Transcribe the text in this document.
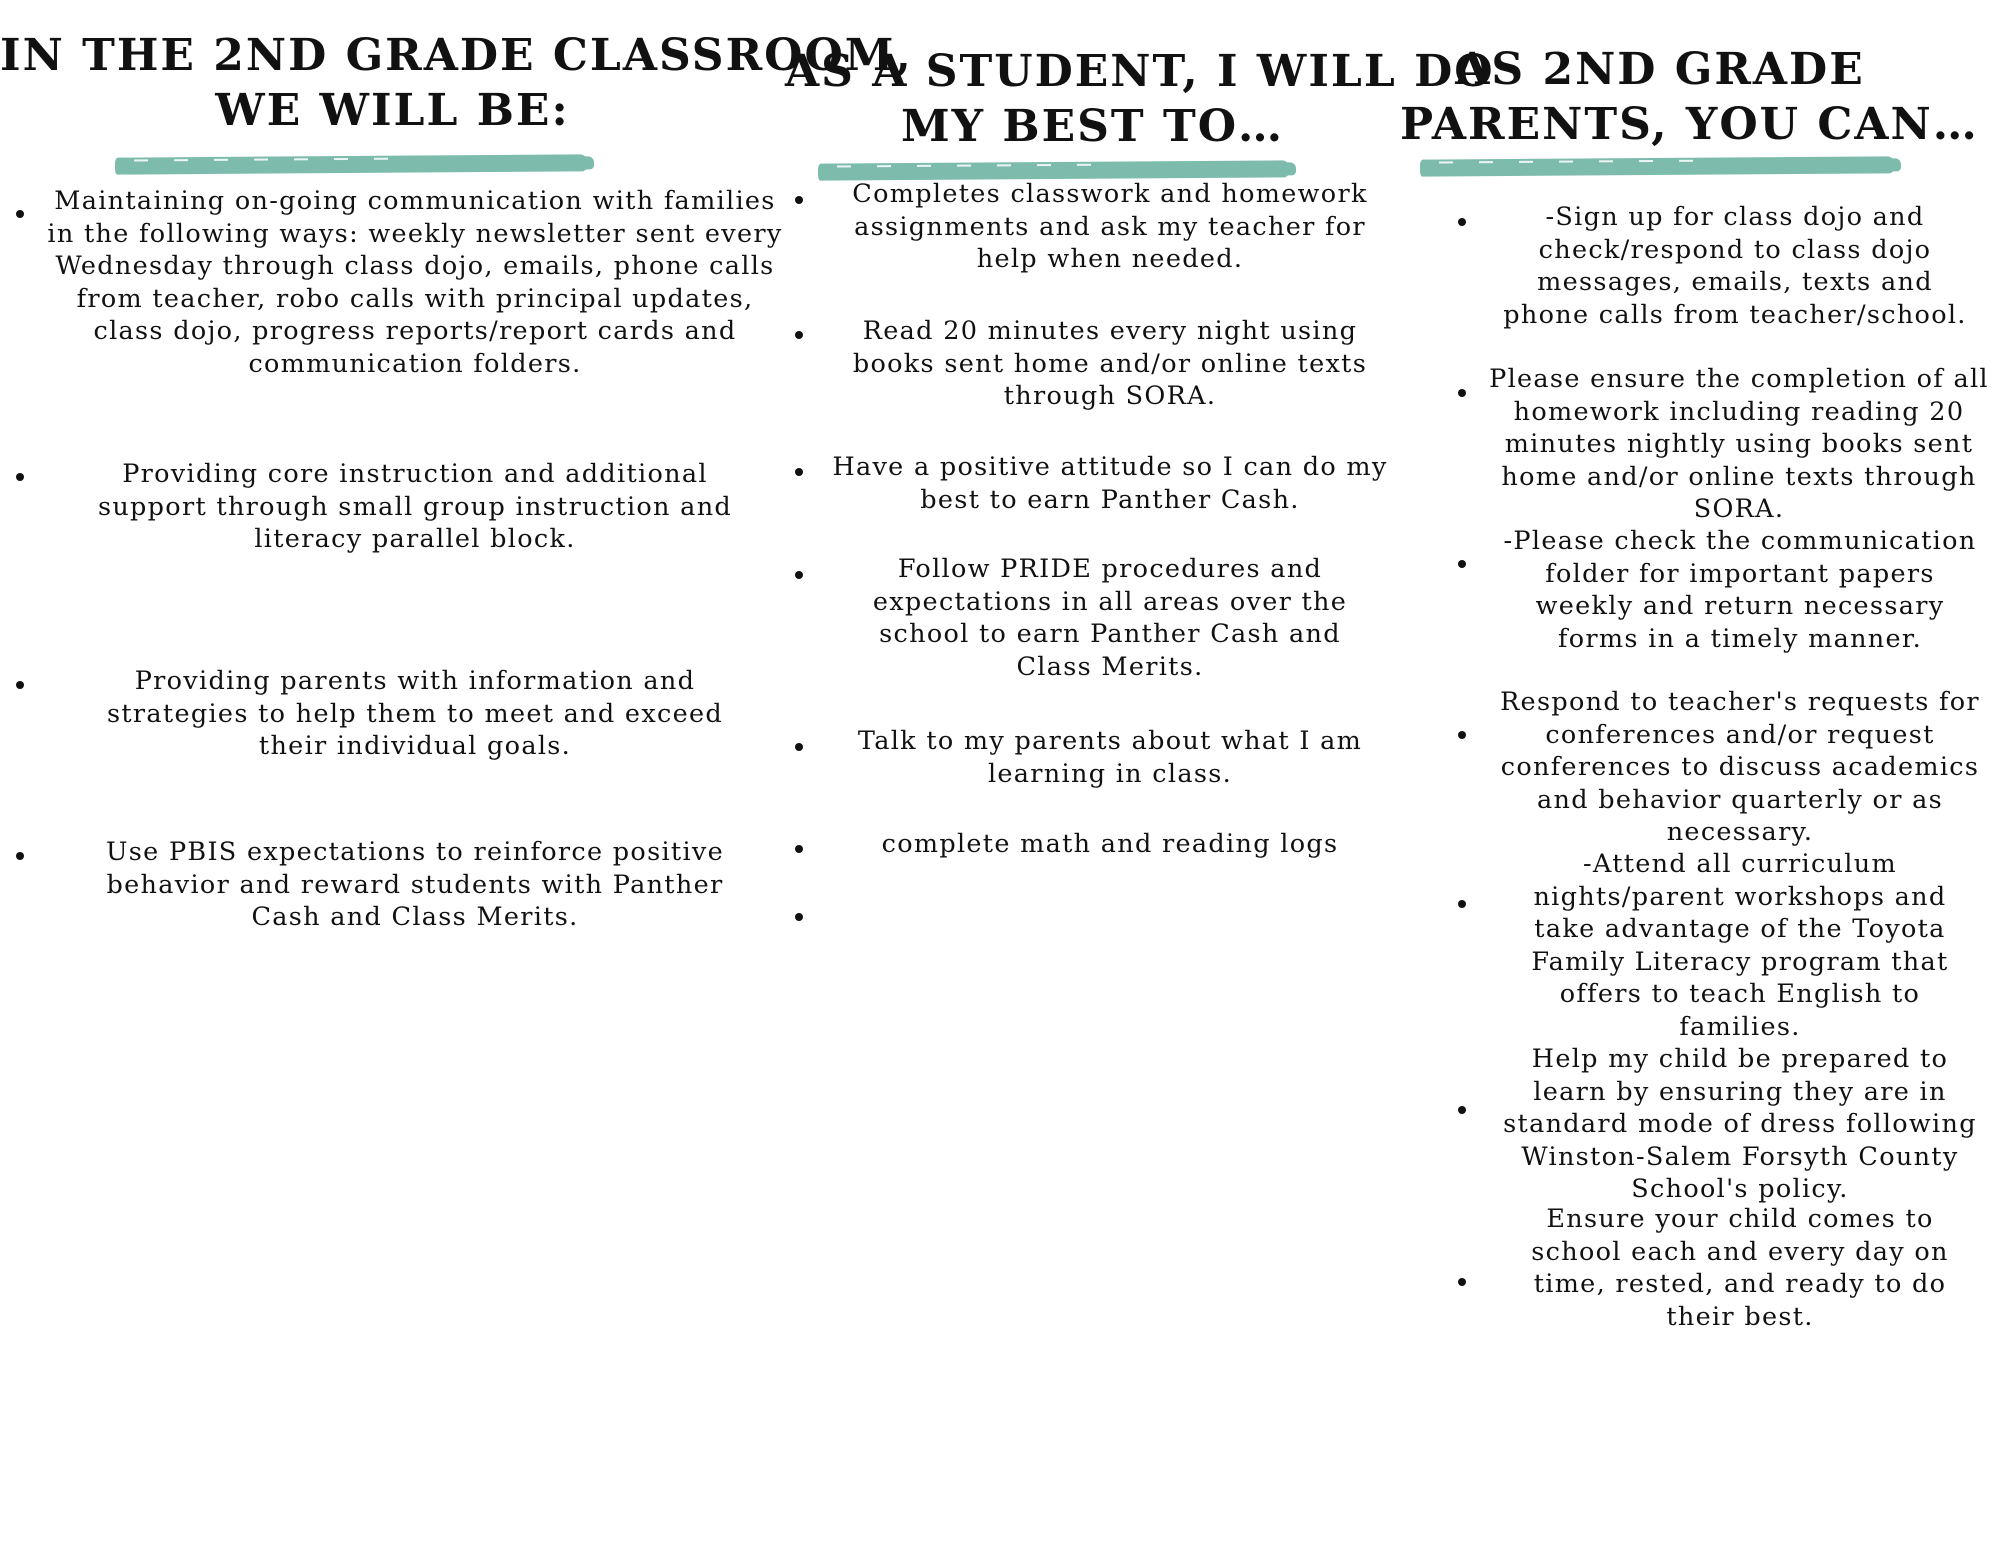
IN THE 2ND GRADE CLASSROOM,
WE WILL BE:

Maintaining on-going communication with families in the following ways: weekly newsletter sent every Wednesday through class dojo, emails, phone calls from teacher, robo calls with principal updates, class dojo, progress reports/report cards and communication folders.

Providing core instruction and additional support through small group instruction and literacy parallel block.

Providing parents with information and strategies to help them to meet and exceed their individual goals.

Use PBIS expectations to reinforce positive behavior and reward students with Panther Cash and Class Merits.

AS A STUDENT, I WILL DO
MY BEST TO…

Completes classwork and homework assignments and ask my teacher for help when needed.

Read 20 minutes every night using books sent home and/or online texts through SORA.

Have a positive attitude so I can do my best to earn Panther Cash.

Follow PRIDE procedures and expectations in all areas over the school to earn Panther Cash and Class Merits.

Talk to my parents about what I am learning in class.

complete math and reading logs

AS 2ND GRADE
PARENTS, YOU CAN…

-Sign up for class dojo and check/respond to class dojo messages, emails, texts and phone calls from teacher/school.

Please ensure the completion of all homework including reading 20 minutes nightly using books sent home and/or online texts through SORA.

-Please check the communication folder for important papers weekly and return necessary forms in a timely manner.

Respond to teacher's requests for conferences and/or request conferences to discuss academics and behavior quarterly or as necessary.

-Attend all curriculum nights/parent workshops and take advantage of the Toyota Family Literacy program that offers to teach English to families.

Help my child be prepared to learn by ensuring they are in standard mode of dress following Winston-Salem Forsyth County School's policy.

Ensure your child comes to school each and every day on time, rested, and ready to do their best.
